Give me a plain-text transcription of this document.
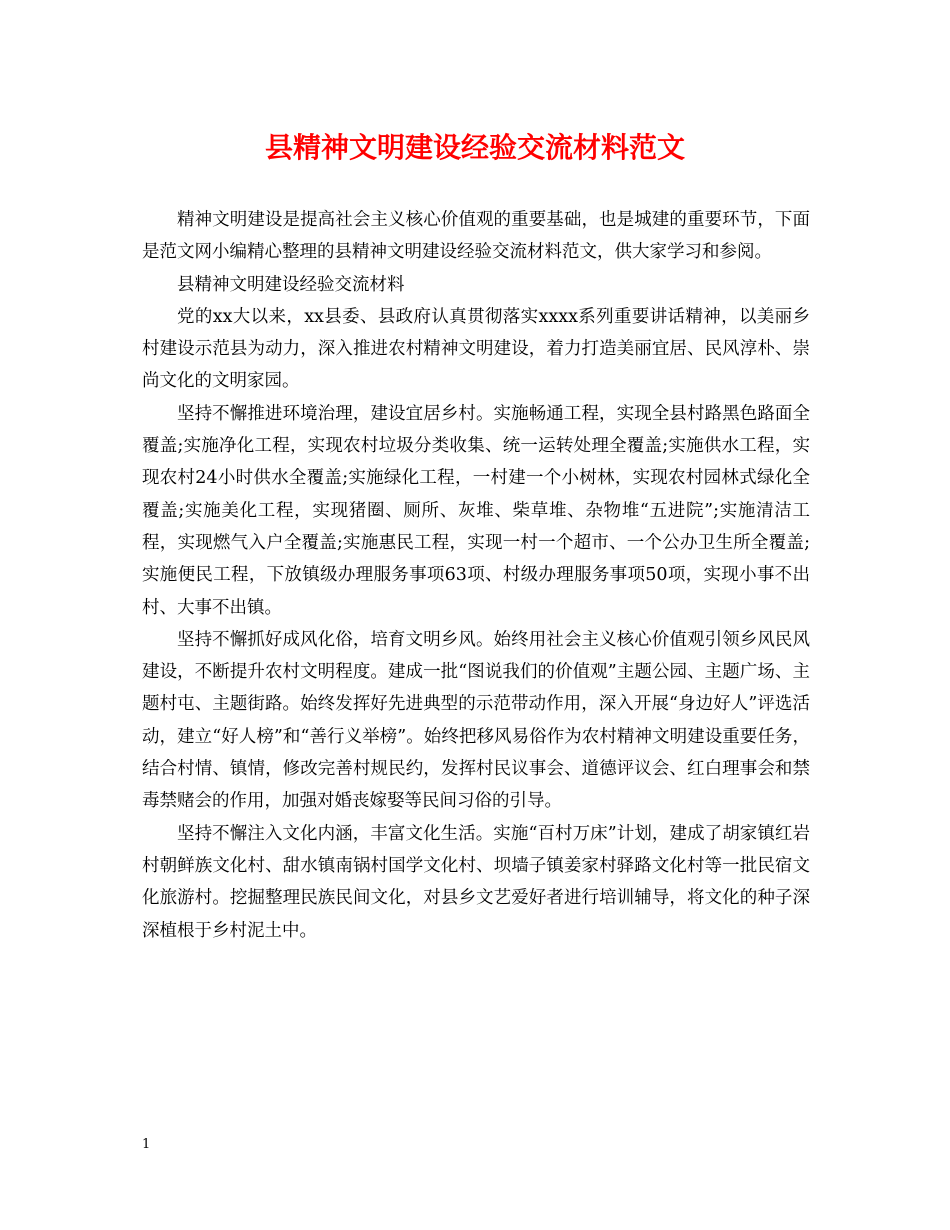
县精神文明建设经验交流材料范文

精神文明建设是提高社会主义核心价值观的重要基础，也是城建的重要环节，下面是范文网小编精心整理的县精神文明建设经验交流材料范文，供大家学习和参阅。

县精神文明建设经验交流材料

党的xx大以来，xx县委、县政府认真贯彻落实xxxx系列重要讲话精神，以美丽乡村建设示范县为动力，深入推进农村精神文明建设，着力打造美丽宜居、民风淳朴、崇尚文化的文明家园。

坚持不懈推进环境治理，建设宜居乡村。实施畅通工程，实现全县村路黑色路面全覆盖;实施净化工程，实现农村垃圾分类收集、统一运转处理全覆盖;实施供水工程，实现农村24小时供水全覆盖;实施绿化工程，一村建一个小树林，实现农村园林式绿化全覆盖;实施美化工程，实现猪圈、厕所、灰堆、柴草堆、杂物堆“五进院”;实施清洁工程，实现燃气入户全覆盖;实施惠民工程，实现一村一个超市、一个公办卫生所全覆盖;实施便民工程，下放镇级办理服务事项63项、村级办理服务事项50项，实现小事不出村、大事不出镇。

坚持不懈抓好成风化俗，培育文明乡风。始终用社会主义核心价值观引领乡风民风建设，不断提升农村文明程度。建成一批“图说我们的价值观”主题公园、主题广场、主题村屯、主题街路。始终发挥好先进典型的示范带动作用，深入开展“身边好人”评选活动，建立“好人榜”和“善行义举榜”。始终把移风易俗作为农村精神文明建设重要任务，结合村情、镇情，修改完善村规民约，发挥村民议事会、道德评议会、红白理事会和禁毒禁赌会的作用，加强对婚丧嫁娶等民间习俗的引导。

坚持不懈注入文化内涵，丰富文化生活。实施“百村万床”计划，建成了胡家镇红岩村朝鲜族文化村、甜水镇南锅村国学文化村、坝墙子镇姜家村驿路文化村等一批民宿文化旅游村。挖掘整理民族民间文化，对县乡文艺爱好者进行培训辅导，将文化的种子深深植根于乡村泥土中。

1
